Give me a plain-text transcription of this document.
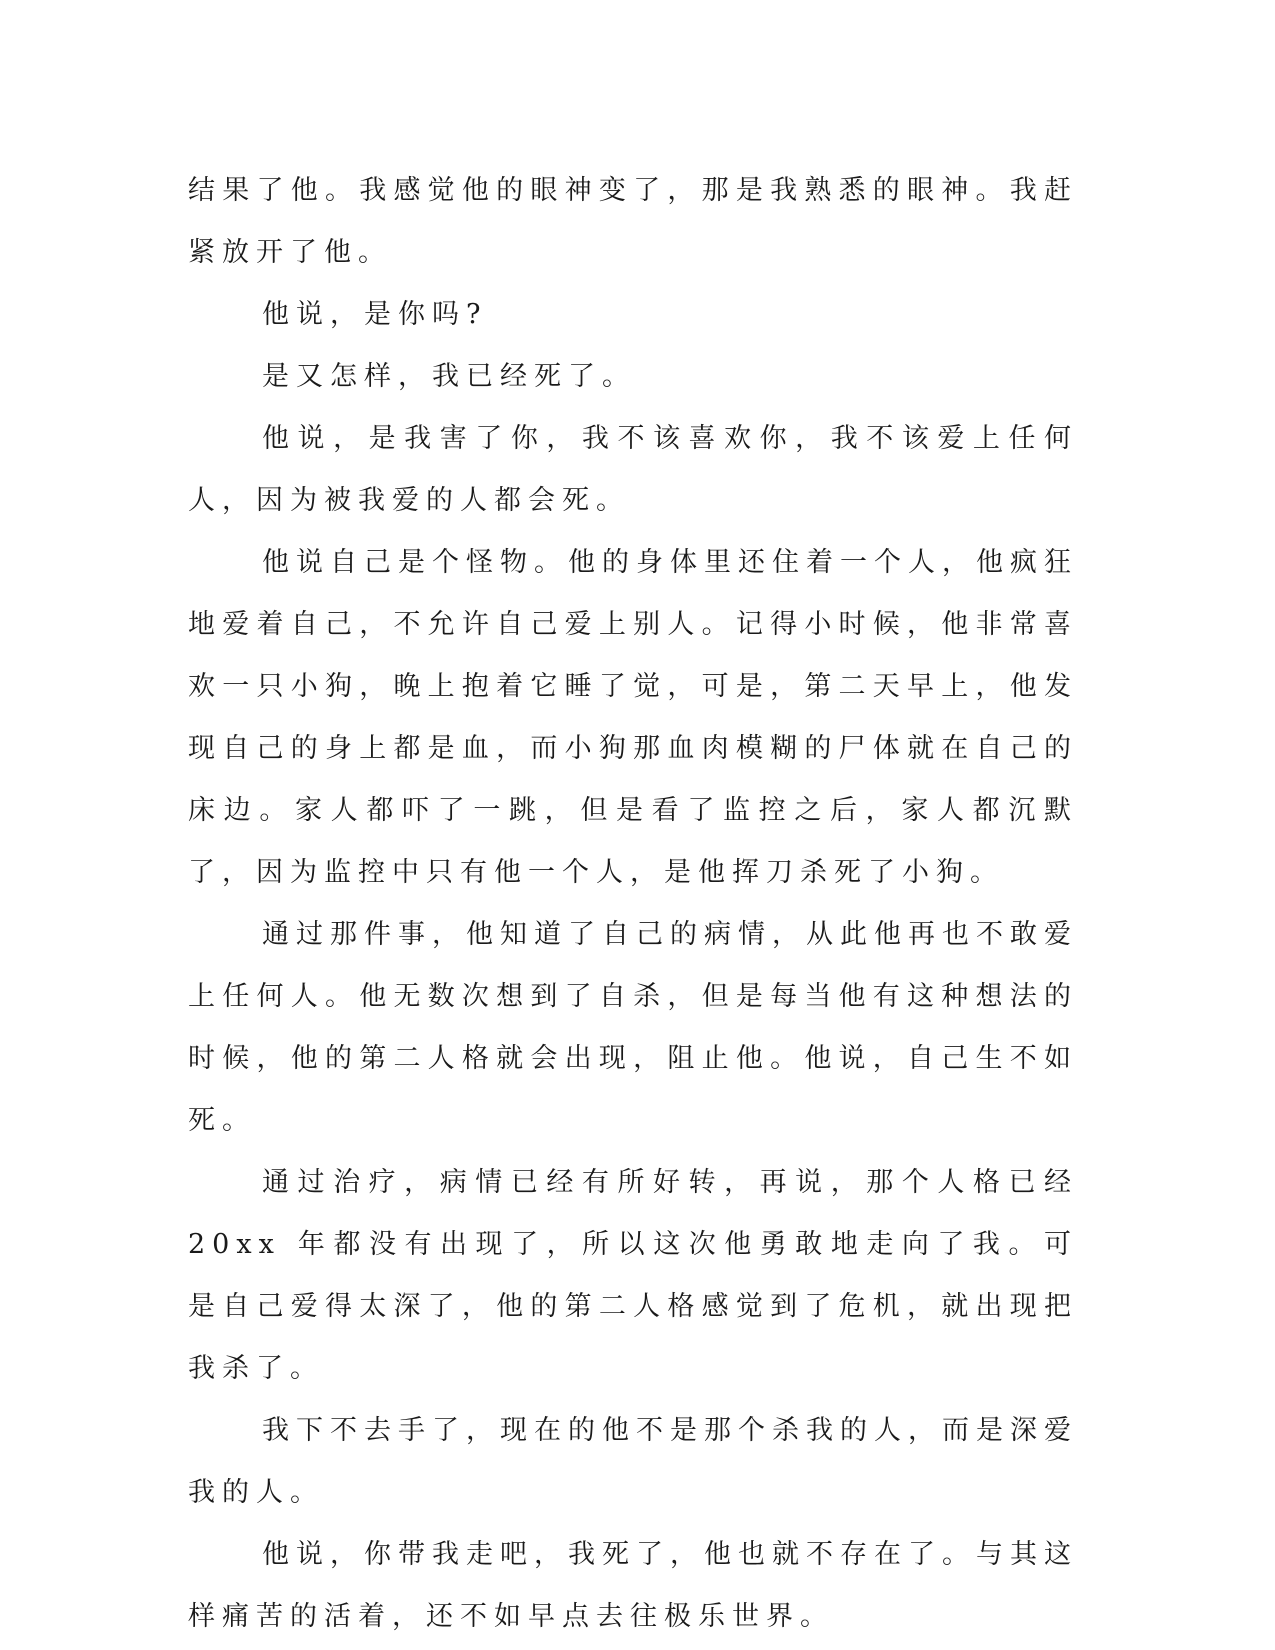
结果了他。我感觉他的眼神变了，那是我熟悉的眼神。我赶紧放开了他。

他说，是你吗?

是又怎样，我已经死了。

他说，是我害了你，我不该喜欢你，我不该爱上任何人，因为被我爱的人都会死。

他说自己是个怪物。他的身体里还住着一个人，他疯狂地爱着自己，不允许自己爱上别人。记得小时候，他非常喜欢一只小狗，晚上抱着它睡了觉，可是，第二天早上，他发现自己的身上都是血，而小狗那血肉模糊的尸体就在自己的床边。家人都吓了一跳，但是看了监控之后，家人都沉默了，因为监控中只有他一个人，是他挥刀杀死了小狗。

通过那件事，他知道了自己的病情，从此他再也不敢爱上任何人。他无数次想到了自杀，但是每当他有这种想法的时候，他的第二人格就会出现，阻止他。他说，自己生不如死。

通过治疗，病情已经有所好转，再说，那个人格已经 20xx 年都没有出现了，所以这次他勇敢地走向了我。可是自己爱得太深了，他的第二人格感觉到了危机，就出现把我杀了。

我下不去手了，现在的他不是那个杀我的人，而是深爱我的人。

他说，你带我走吧，我死了，他也就不存在了。与其这样痛苦的活着，还不如早点去往极乐世界。
